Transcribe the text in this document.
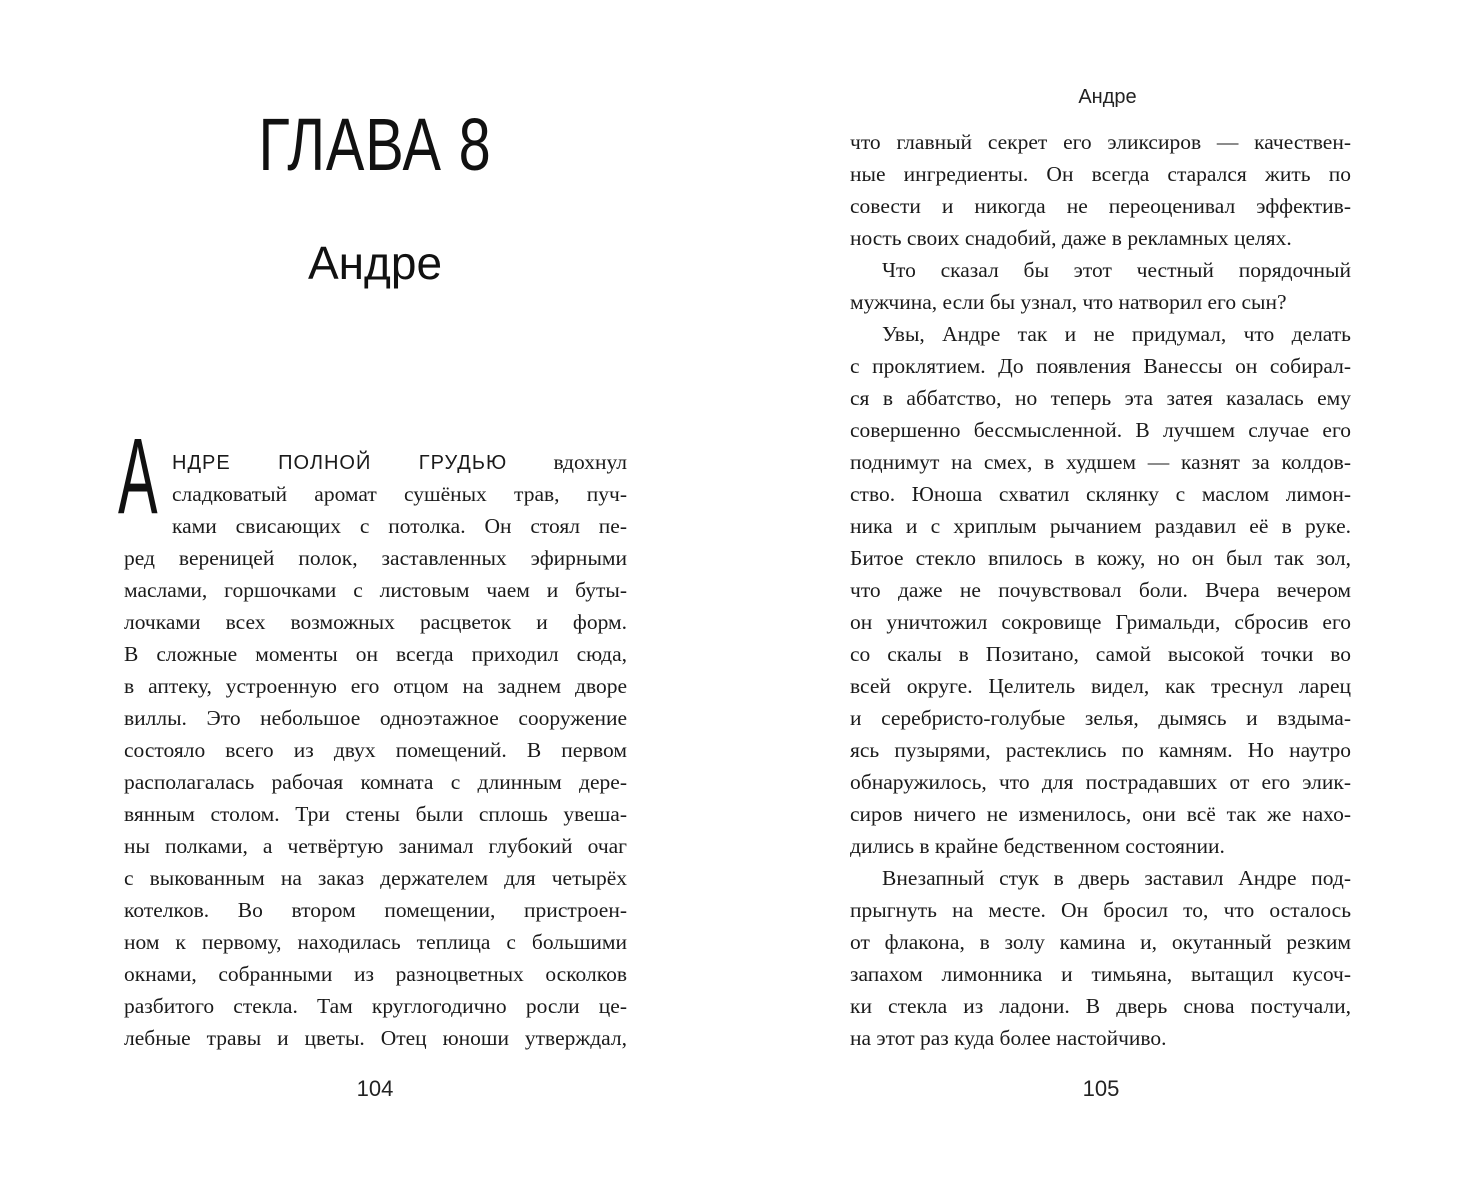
ГЛАВА 8
Андре
А НДРЕ ПОЛНОЙ ГРУДЬЮ вдохнул
сладковатый аромат сушёных трав, пуч-
ками свисающих с потолка. Он стоял пе-
ред вереницей полок, заставленных эфирными
маслами, горшочками с листовым чаем и буты-
лочками всех возможных расцветок и форм.
В сложные моменты он всегда приходил сюда,
в аптеку, устроенную его отцом на заднем дворе
виллы. Это небольшое одноэтажное сооружение
состояло всего из двух помещений. В первом
располагалась рабочая комната с длинным дере-
вянным столом. Три стены были сплошь увеша-
ны полками, а четвёртую занимал глубокий очаг
с выкованным на заказ держателем для четырёх
котелков. Во втором помещении, пристроен-
ном к первому, находилась теплица с большими
окнами, собранными из разноцветных осколков
разбитого стекла. Там круглогодично росли це-
лебные травы и цветы. Отец юноши утверждал,
104
Андре
что главный секрет его эликсиров — качествен-
ные ингредиенты. Он всегда старался жить по
совести и никогда не переоценивал эффектив-
ность своих снадобий, даже в рекламных целях.
Что сказал бы этот честный порядочный
мужчина, если бы узнал, что натворил его сын?
Увы, Андре так и не придумал, что делать
с проклятием. До появления Ванессы он собирал-
ся в аббатство, но теперь эта затея казалась ему
совершенно бессмысленной. В лучшем случае его
поднимут на смех, в худшем — казнят за колдов-
ство. Юноша схватил склянку с маслом лимон-
ника и с хриплым рычанием раздавил её в руке.
Битое стекло впилось в кожу, но он был так зол,
что даже не почувствовал боли. Вчера вечером
он уничтожил сокровище Гримальди, сбросив его
со скалы в Позитано, самой высокой точки во
всей округе. Целитель видел, как треснул ларец
и серебристо-голубые зелья, дымясь и вздыма-
ясь пузырями, растеклись по камням. Но наутро
обнаружилось, что для пострадавших от его элик-
сиров ничего не изменилось, они всё так же нахо-
дились в крайне бедственном состоянии.
Внезапный стук в дверь заставил Андре под-
прыгнуть на месте. Он бросил то, что осталось
от флакона, в золу камина и, окутанный резким
запахом лимонника и тимьяна, вытащил кусоч-
ки стекла из ладони. В дверь снова постучали,
на этот раз куда более настойчиво.
105
